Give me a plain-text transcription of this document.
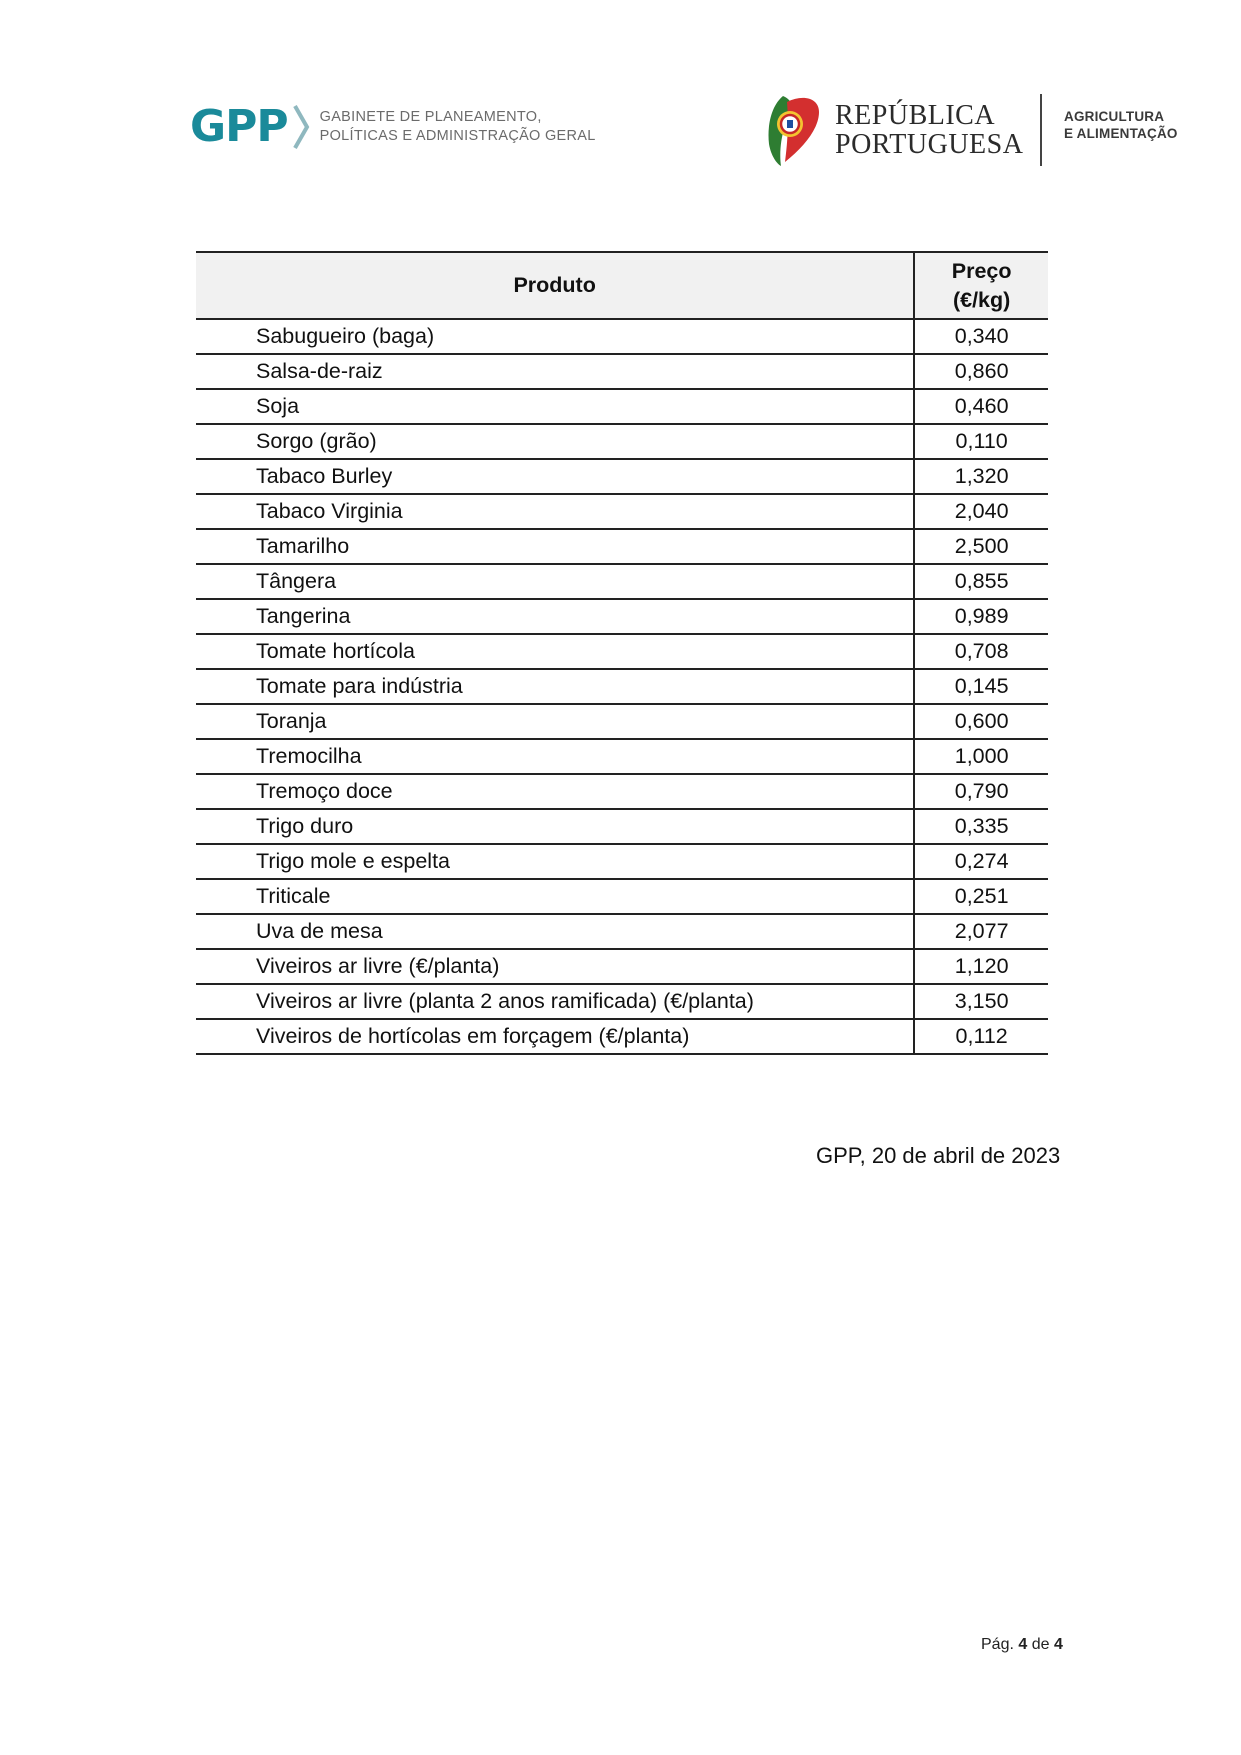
GPP GABINETE DE PLANEAMENTO,
POLÍTICAS E ADMINISTRAÇÃO GERAL
REPÚBLICA
PORTUGUESA
AGRICULTURA
E ALIMENTAÇÃO
Produto	Preço
(€/kg)

Sabugueiro (baga)	0,340
Salsa-de-raiz	0,860
Soja	0,460
Sorgo (grão)	0,110
Tabaco Burley	1,320
Tabaco Virginia	2,040
Tamarilho	2,500
Tângera	0,855
Tangerina	0,989
Tomate hortícola	0,708
Tomate para indústria	0,145
Toranja	0,600
Tremocilha	1,000
Tremoço doce	0,790
Trigo duro	0,335
Trigo mole e espelta	0,274
Triticale	0,251
Uva de mesa	2,077
Viveiros ar livre (€/planta)	1,120
Viveiros ar livre (planta 2 anos ramificada) (€/planta)	3,150
Viveiros de hortícolas em forçagem (€/planta)	0,112
GPP, 20 de abril de 2023
Pág. 4 de 4
